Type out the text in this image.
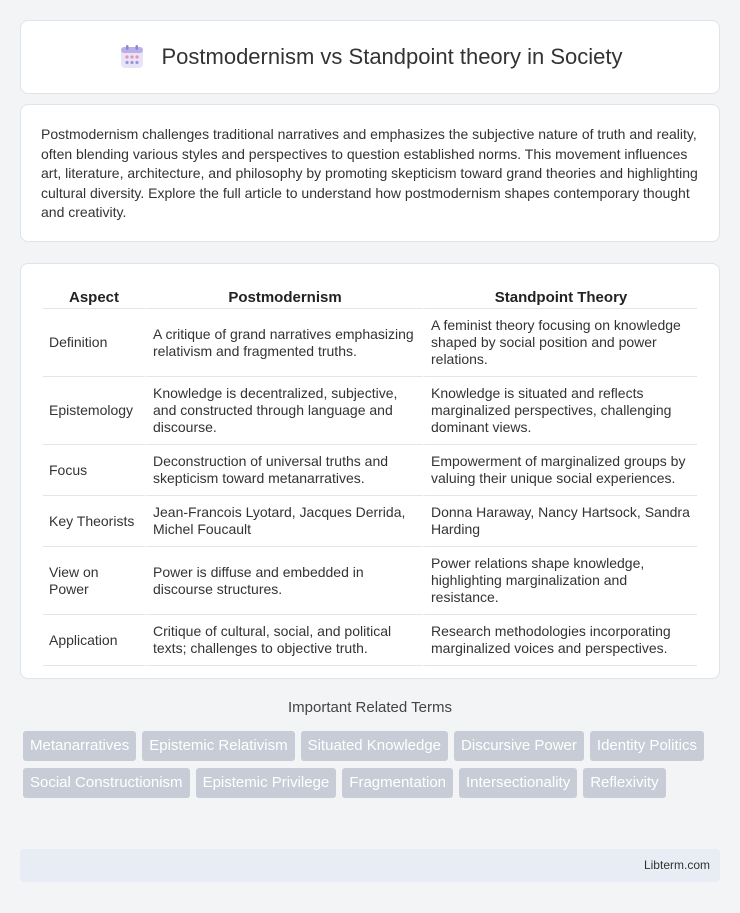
Postmodernism vs Standpoint theory in Society

Postmodernism challenges traditional narratives and emphasizes the subjective nature of truth and reality, often blending various styles and perspectives to question established norms. This movement influences art, literature, architecture, and philosophy by promoting skepticism toward grand theories and highlighting cultural diversity. Explore the full article to understand how postmodernism shapes contemporary thought and creativity.

Aspect	Postmodernism	Standpoint Theory
Definition	A critique of grand narratives emphasizing relativism and fragmented truths.	A feminist theory focusing on knowledge shaped by social position and power relations.
Epistemology	Knowledge is decentralized, subjective, and constructed through language and discourse.	Knowledge is situated and reflects marginalized perspectives, challenging dominant views.
Focus	Deconstruction of universal truths and skepticism toward metanarratives.	Empowerment of marginalized groups by valuing their unique social experiences.
Key Theorists	Jean-Francois Lyotard, Jacques Derrida, Michel Foucault	Donna Haraway, Nancy Hartsock, Sandra Harding
View on Power	Power is diffuse and embedded in discourse structures.	Power relations shape knowledge, highlighting marginalization and resistance.
Application	Critique of cultural, social, and political texts; challenges to objective truth.	Research methodologies incorporating marginalized voices and perspectives.
Important Related Terms
Metanarratives	Epistemic Relativism	Situated Knowledge	Discursive Power	Identity Politics
Social Constructionism	Epistemic Privilege	Fragmentation	Intersectionality	Reflexivity
Libterm.com
